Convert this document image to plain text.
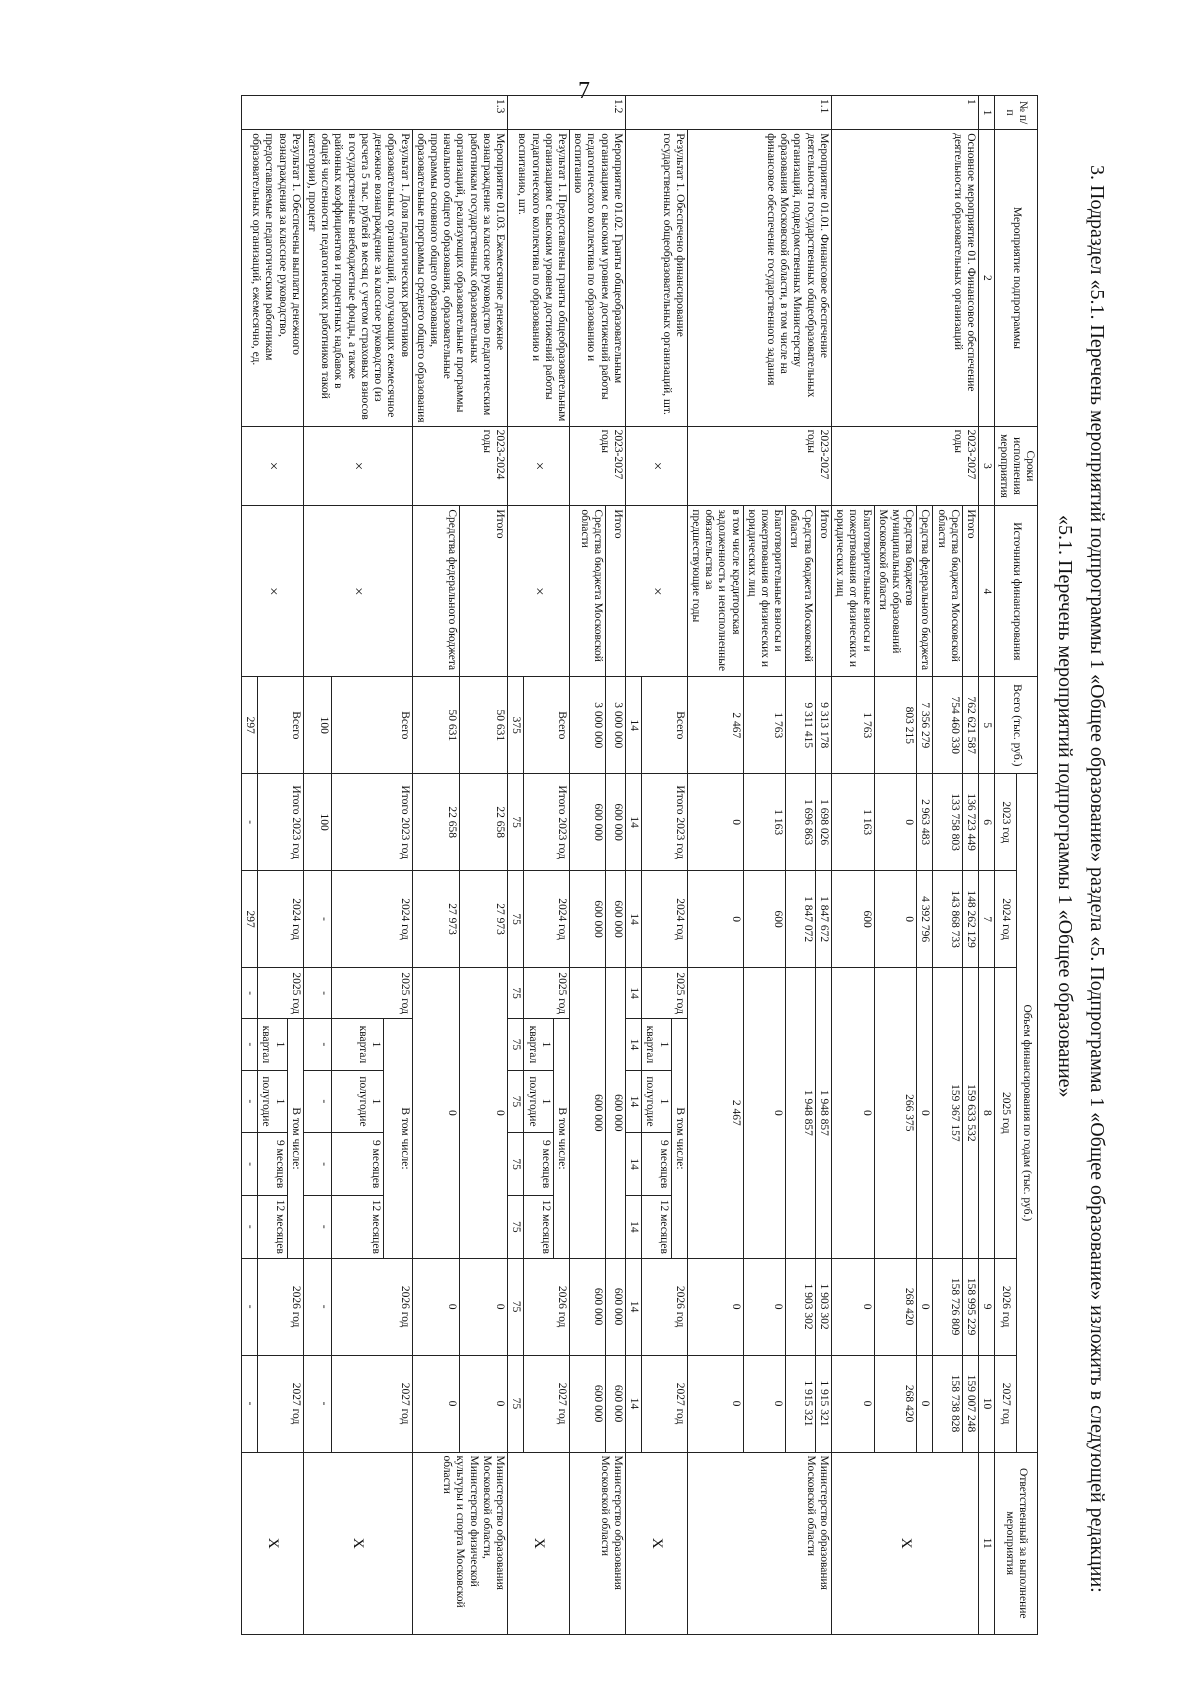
7
3. Подраздел «5.1. Перечень мероприятий подпрограммы 1 «Общее образование» раздела «5. Подпрограмма 1 «Общее образование» изложить в следующей редакции:
«5.1. Перечень мероприятий подпрограммы 1 «Общее образование»
№ п/п	Мероприятие подпрограммы	Сроки исполнения мероприятия	Источники финансирования	Всего (тыс. руб.)	Объем финансирования по годам (тыс. руб.)									Ответственный за выполнение мероприятия
					2023 год	2024 год	2025 год					2026 год	2027 год	
1	2	3	4	5	6	7	8					9	10	11
1	Основное мероприятие 01. Финансовое обеспечение деятельности образовательных организаций	2023-2027 годы	Итого	762 621 587	136 723 449	148 262 129	159 633 532					158 995 229	159 007 248	X
			Средства бюджета Московской области	754 460 330	133 758 803	143 868 733	159 367 157					158 726 809	158 738 828	
			Средства федерального бюджета	7 356 279	2 963 483	4 392 796	0					0	0	
			Средства бюджетов муниципальных образований Московской области	803 215	0	0	266 375					268 420	268 420	
			Благотворительные взносы и пожертвования от физических и юридических лиц	1 763	1 163	600	0					0	0	
1.1	Мероприятие 01.01. Финансовое обеспечение деятельности государственных общеобразовательных организаций, подведомственных Министерству образования Московской области, в том числе на финансовое обеспечение государственного задания	2023-2027 годы	Итого	9 313 178	1 698 026	1 847 672	1 948 857					1 903 302	1 915 321	Министерство образования Московской области
			Средства бюджета Московской области	9 311 415	1 696 863	1 847 072	1 948 857					1 903 302	1 915 321	
			Благотворительные взносы и пожертвования от физических и юридических лиц	1 763	1 163	600	0					0	0	
			в том числе кредиторская задолженность и неисполненные обязательства за предшествующие годы	2 467	0	0	2 467					0	0	
	Результат 1. Обеспечено финансирование государственных общеобразовательных организаций, шт.	×	×	Всего	Итого 2023 год	2024 год	2025 год	В том числе:				2026 год	2027 год	X
								1 квартал	1 полугодие	9 месяцев	12 месяцев			
				14	14	14	14	14	14	14	14	14	14	
1.2	Мероприятие 01.02. Гранты общеобразовательным организациям с высоким уровнем достижений работы педагогического коллектива по образованию и воспитанию	2023-2027 годы	Итого	3 000 000	600 000	600 000	600 000					600 000	600 000	Министерство образования Московской области
			Средства бюджета Московской области	3 000 000	600 000	600 000	600 000					600 000	600 000	
	Результат 1. Предоставлены гранты общеобразовательным организациям с высоким уровнем достижений работы педагогического коллектива по образованию и воспитанию, шт.	×	×	Всего	Итого 2023 год	2024 год	2025 год	В том числе:				2026 год	2027 год	X
								1 квартал	1 полугодие	9 месяцев	12 месяцев			
				375	75	75	75	75	75	75	75	75	75	
1.3	Мероприятие 01.03. Ежемесячное денежное вознаграждение за классное руководство педагогическим работникам государственных образовательных организаций, реализующих образовательные программы начального общего образования, образовательные программы основного общего образования, образовательные программы среднего общего образования	2023-2024 годы	Итого	50 631	22 658	27 973	0					0	0	Министерство образования Московской области, Министерство физической культуры и спорта Московской области
			Средства федерального бюджета	50 631	22 658	27 973	0					0	0	
	Результат 1. Доля педагогических работников образовательных организаций, получающих ежемесячное денежное вознаграждение за классное руководство (из расчета 5 тыс. рублей в месяц с учетом страховых взносов в государственные внебюджетные фонды, а также районных коэффициентов и процентных надбавок в общей численности педагогических работников такой категории), процент	×	×	Всего	Итого 2023 год	2024 год	2025 год	В том числе:				2026 год	2027 год	X
								1 квартал	1 полугодие	9 месяцев	12 месяцев			
				100	100	-	-	-	-	-	-	-	-	
	Результат 1. Обеспечены выплаты денежного вознаграждения за классное руководство, предоставляемые педагогическим работникам образовательных организаций, ежемесячно, ед.	×	×	Всего	Итого 2023 год	2024 год	2025 год	В том числе:				2026 год	2027 год	X
								1 квартал	1 полугодие	9 месяцев	12 месяцев			
				297	-	297	-	-	-	-	-	-	-	
